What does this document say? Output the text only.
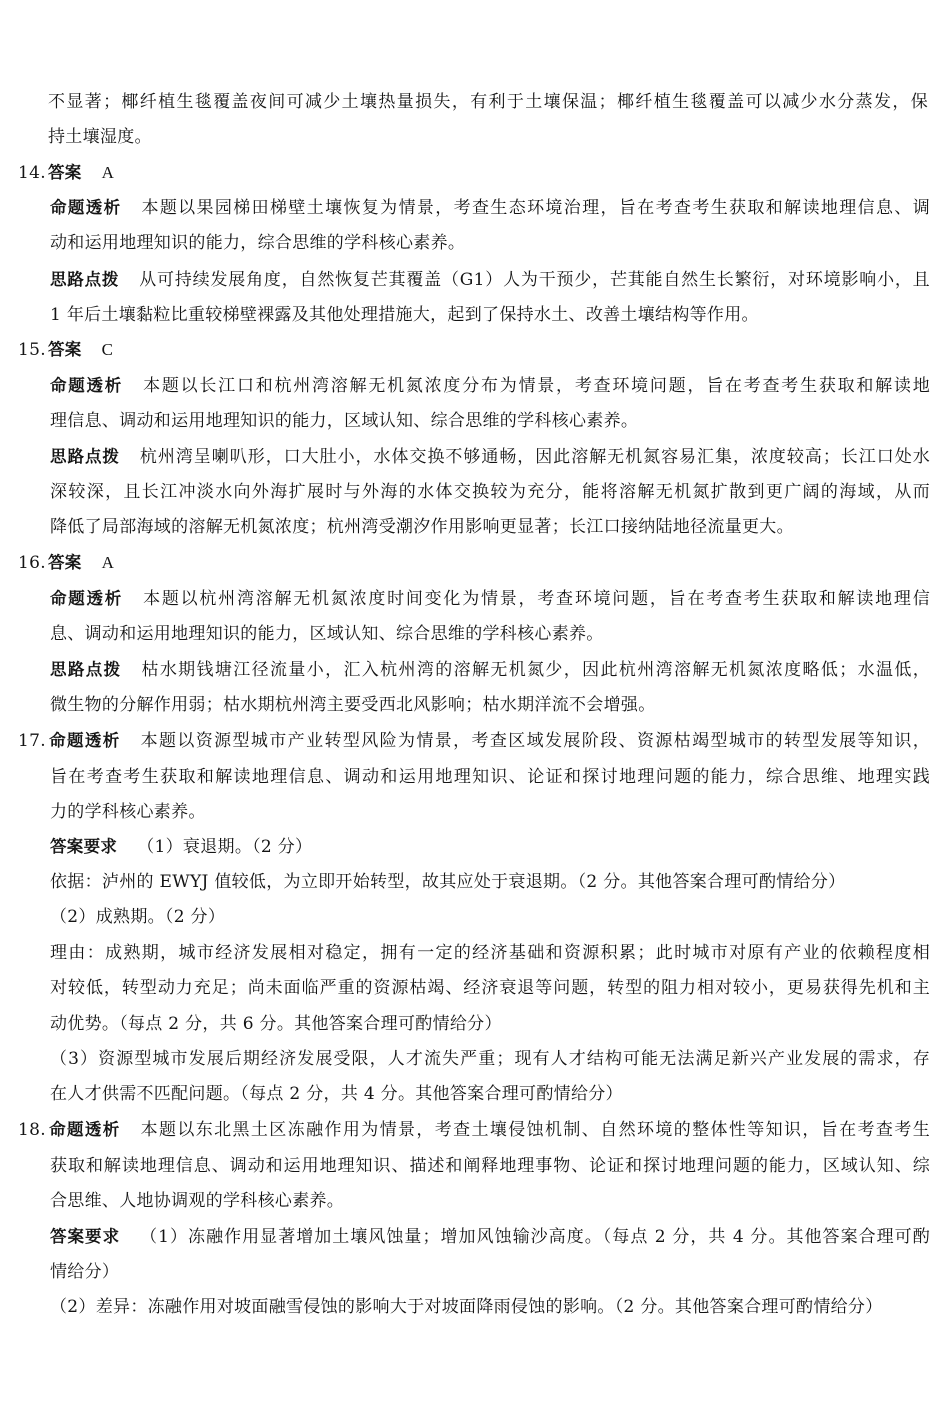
不显著；椰纤植生毯覆盖夜间可减少土壤热量损失，有利于土壤保温；椰纤植生毯覆盖可以减少水分蒸发，保
持土壤湿度。
14. 答案 A
命题透析 本题以果园梯田梯壁土壤恢复为情景，考查生态环境治理，旨在考查考生获取和解读地理信息、调
动和运用地理知识的能力，综合思维的学科核心素养。
思路点拨 从可持续发展角度，自然恢复芒萁覆盖（G1）人为干预少，芒萁能自然生长繁衍，对环境影响小，且
1 年后土壤黏粒比重较梯壁裸露及其他处理措施大，起到了保持水土、改善土壤结构等作用。
15. 答案 C
命题透析 本题以长江口和杭州湾溶解无机氮浓度分布为情景，考查环境问题，旨在考查考生获取和解读地
理信息、调动和运用地理知识的能力，区域认知、综合思维的学科核心素养。
思路点拨 杭州湾呈喇叭形，口大肚小，水体交换不够通畅，因此溶解无机氮容易汇集，浓度较高；长江口处水
深较深，且长江冲淡水向外海扩展时与外海的水体交换较为充分，能将溶解无机氮扩散到更广阔的海域，从而
降低了局部海域的溶解无机氮浓度；杭州湾受潮汐作用影响更显著；长江口接纳陆地径流量更大。
16. 答案 A
命题透析 本题以杭州湾溶解无机氮浓度时间变化为情景，考查环境问题，旨在考查考生获取和解读地理信
息、调动和运用地理知识的能力，区域认知、综合思维的学科核心素养。
思路点拨 枯水期钱塘江径流量小，汇入杭州湾的溶解无机氮少，因此杭州湾溶解无机氮浓度略低；水温低，
微生物的分解作用弱；枯水期杭州湾主要受西北风影响；枯水期洋流不会增强。
17. 命题透析 本题以资源型城市产业转型风险为情景，考查区域发展阶段、资源枯竭型城市的转型发展等知识，
旨在考查考生获取和解读地理信息、调动和运用地理知识、论证和探讨地理问题的能力，综合思维、地理实践
力的学科核心素养。
答案要求 （1）衰退期。（2 分）
依据：泸州的 EWYJ 值较低，为立即开始转型，故其应处于衰退期。（2 分。其他答案合理可酌情给分）
（2）成熟期。（2 分）
理由：成熟期，城市经济发展相对稳定，拥有一定的经济基础和资源积累；此时城市对原有产业的依赖程度相
对较低，转型动力充足；尚未面临严重的资源枯竭、经济衰退等问题，转型的阻力相对较小，更易获得先机和主
动优势。（每点 2 分，共 6 分。其他答案合理可酌情给分）
（3）资源型城市发展后期经济发展受限，人才流失严重；现有人才结构可能无法满足新兴产业发展的需求，存
在人才供需不匹配问题。（每点 2 分，共 4 分。其他答案合理可酌情给分）
18. 命题透析 本题以东北黑土区冻融作用为情景，考查土壤侵蚀机制、自然环境的整体性等知识，旨在考查考生
获取和解读地理信息、调动和运用地理知识、描述和阐释地理事物、论证和探讨地理问题的能力，区域认知、综
合思维、人地协调观的学科核心素养。
答案要求 （1）冻融作用显著增加土壤风蚀量；增加风蚀输沙高度。（每点 2 分，共 4 分。其他答案合理可酌
情给分）
（2）差异：冻融作用对坡面融雪侵蚀的影响大于对坡面降雨侵蚀的影响。（2 分。其他答案合理可酌情给分）
